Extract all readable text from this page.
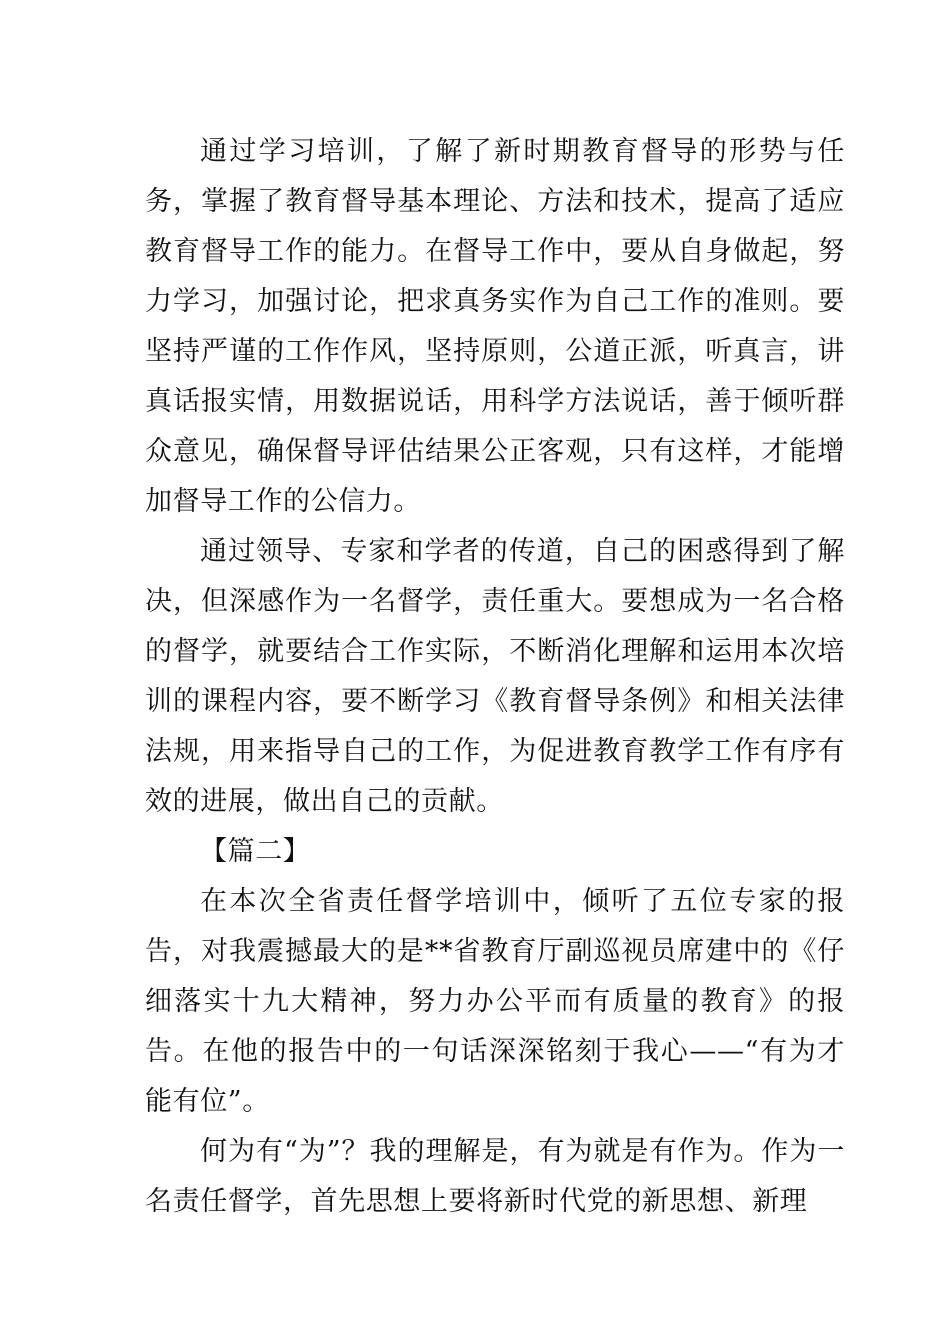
通过学习培训，了解了新时期教育督导的形势与任务，掌握了教育督导基本理论、方法和技术，提高了适应教育督导工作的能力。在督导工作中，要从自身做起，努力学习，加强讨论，把求真务实作为自己工作的准则。要坚持严谨的工作作风，坚持原则，公道正派，听真言，讲真话报实情，用数据说话，用科学方法说话，善于倾听群众意见，确保督导评估结果公正客观，只有这样，才能增加督导工作的公信力。

通过领导、专家和学者的传道，自己的困惑得到了解决，但深感作为一名督学，责任重大。要想成为一名合格的督学，就要结合工作实际，不断消化理解和运用本次培训的课程内容，要不断学习《教育督导条例》和相关法律法规，用来指导自己的工作，为促进教育教学工作有序有效的进展，做出自己的贡献。

【篇二】

在本次全省责任督学培训中，倾听了五位专家的报告，对我震撼最大的是**省教育厅副巡视员席建中的《仔细落实十九大精神，努力办公平而有质量的教育》的报告。在他的报告中的一句话深深铭刻于我心——“有为才能有位”。

何为有“为”？我的理解是，有为就是有作为。作为一名责任督学，首先思想上要将新时代党的新思想、新理
